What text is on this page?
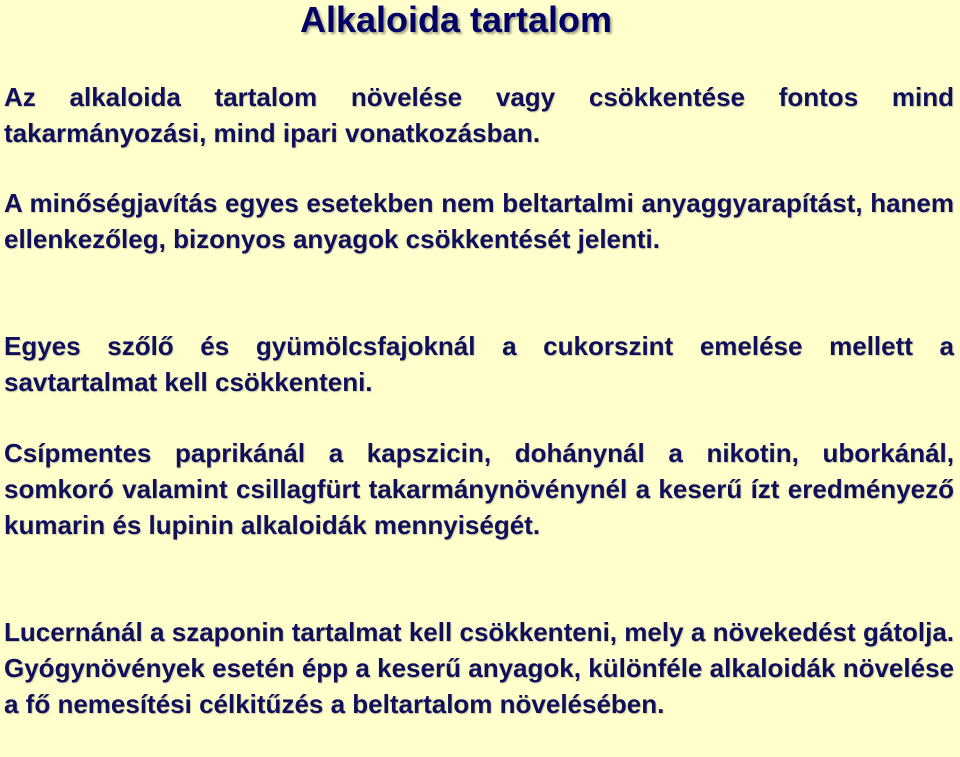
Alkaloida tartalom

Az alkaloida tartalom növelése vagy csökkentése fontos mind takarmányozási, mind ipari vonatkozásban.

A minőségjavítás egyes esetekben nem beltartalmi anyaggyarapítást, hanem ellenkezőleg, bizonyos anyagok csökkentését jelenti.

Egyes szőlő és gyümölcsfajoknál a cukorszint emelése mellett a savtartalmat kell csökkenteni.

Csípmentes paprikánál a kapszicin, dohánynál a nikotin, uborkánál, somkoró valamint csillagfürt takarmánynövénynél a keserű ízt eredményező kumarin és lupinin alkaloidák mennyiségét.

Lucernánál a szaponin tartalmat kell csökkenteni, mely a növekedést gátolja. Gyógynövények esetén épp a keserű anyagok, különféle alkaloidák növelése a fő nemesítési célkitűzés a beltartalom növelésében.
